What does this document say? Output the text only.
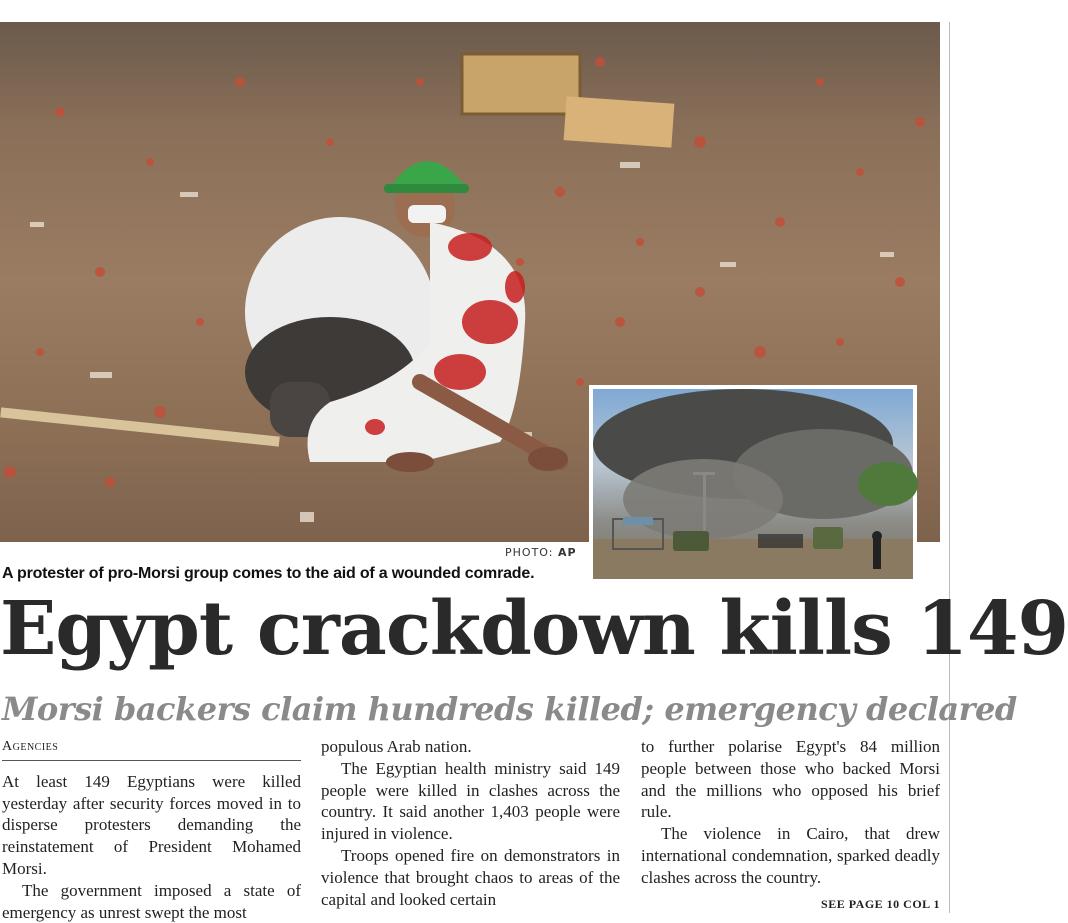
PHOTO: AP
A protester of pro-Morsi group comes to the aid of a wounded comrade.
Egypt crackdown kills 149
Morsi backers claim hundreds killed; emergency declared

Agencies

At least 149 Egyptians were killed yesterday after security forces moved in to disperse protesters demanding the reinstatement of President Mohamed Morsi.

The government imposed a state of emergency as unrest swept the most

populous Arab nation.

The Egyptian health ministry said 149 people were killed in clashes across the country. It said another 1,403 people were injured in violence.

Troops opened fire on demonstrators in violence that brought chaos to areas of the capital and looked certain

to further polarise Egypt's 84 million people between those who backed Morsi and the millions who opposed his brief rule.

The violence in Cairo, that drew international condemnation, sparked deadly clashes across the country.

SEE PAGE 10 COL 1
